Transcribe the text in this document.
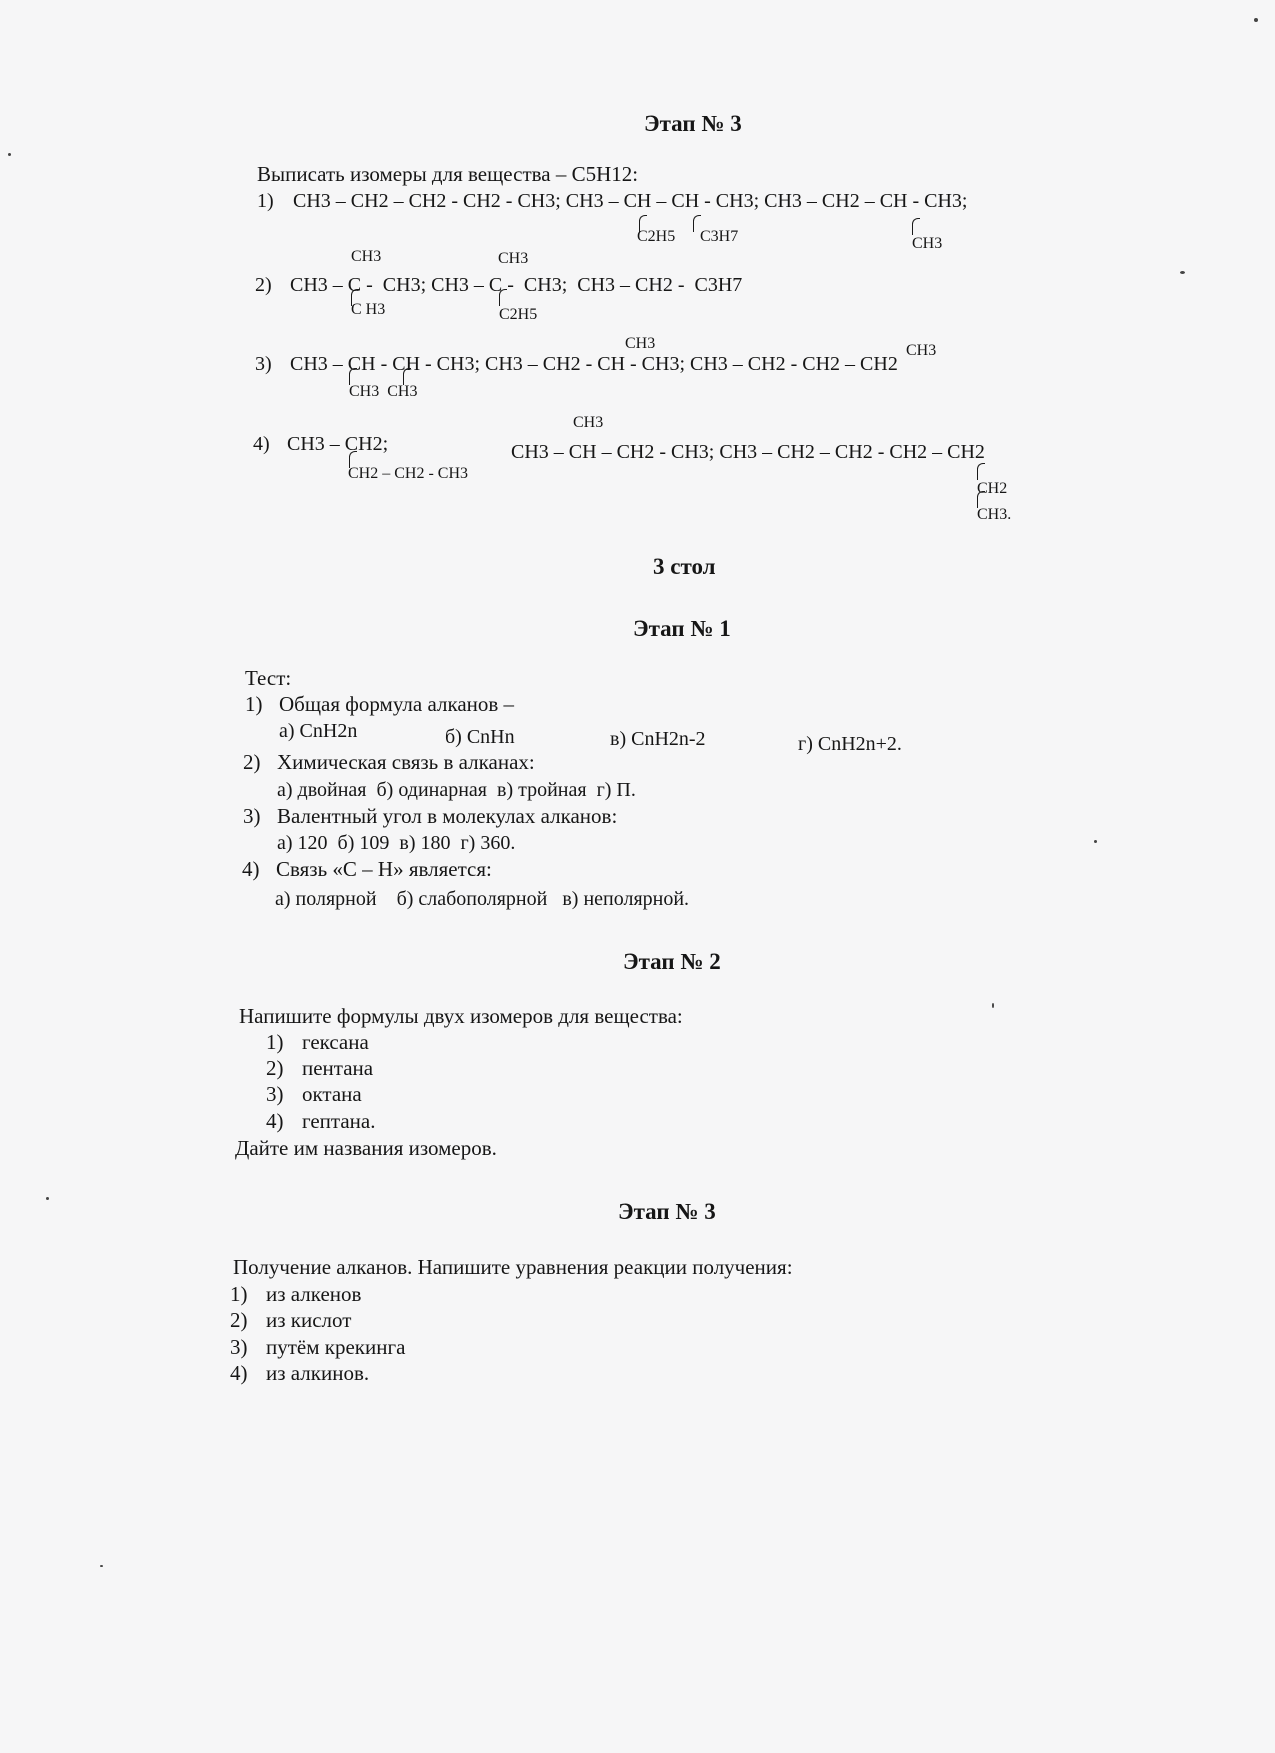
Этап № 3
Выписать изомеры для вещества – C5H12:
1) CH3 – CH2 – CH2 - CH2 - CH3; CH3 – CH – CH - CH3; CH3 – CH2 – CH - CH3;
C2H5 C3H7	CH3
CH3	CH3
2) CH3 – C -  CH3; CH3 – C -  CH3;  CH3 – CH2 -  C3H7
C H3	C2H5
CH3	CH3
3) CH3 – CH - CH - CH3; CH3 – CH2 - CH - CH3; CH3 – CH2 - CH2 – CH2
CH3  CH3
CH3
4) CH3 – CH2;
CH2 – CH2 - CH3
CH3 – CH – CH2 - CH3; CH3 – CH2 – CH2 - CH2 – CH2
CH2
CH3.
3 стол
Этап № 1
Тест:
1) Общая формула алканов –
а) CnH2n	б) CnHn	в) CnH2n-2	г) CnH2n+2.
2) Химическая связь в алканах:
а) двойная  б) одинарная  в) тройная  г) П.
3) Валентный угол в молекулах алканов:
а) 120  б) 109  в) 180  г) 360.
4) Связь «C – H» является:
а) полярной    б) слабополярной   в) неполярной.
Этап № 2
Напишите формулы двух изомеров для вещества:
1) гексана
2) пентана
3) октана
4) гептана.
Дайте им названия изомеров.
Этап № 3
Получение алканов. Напишите уравнения реакции получения:
1) из алкенов
2) из кислот
3) путём крекинга
4) из алкинов.
